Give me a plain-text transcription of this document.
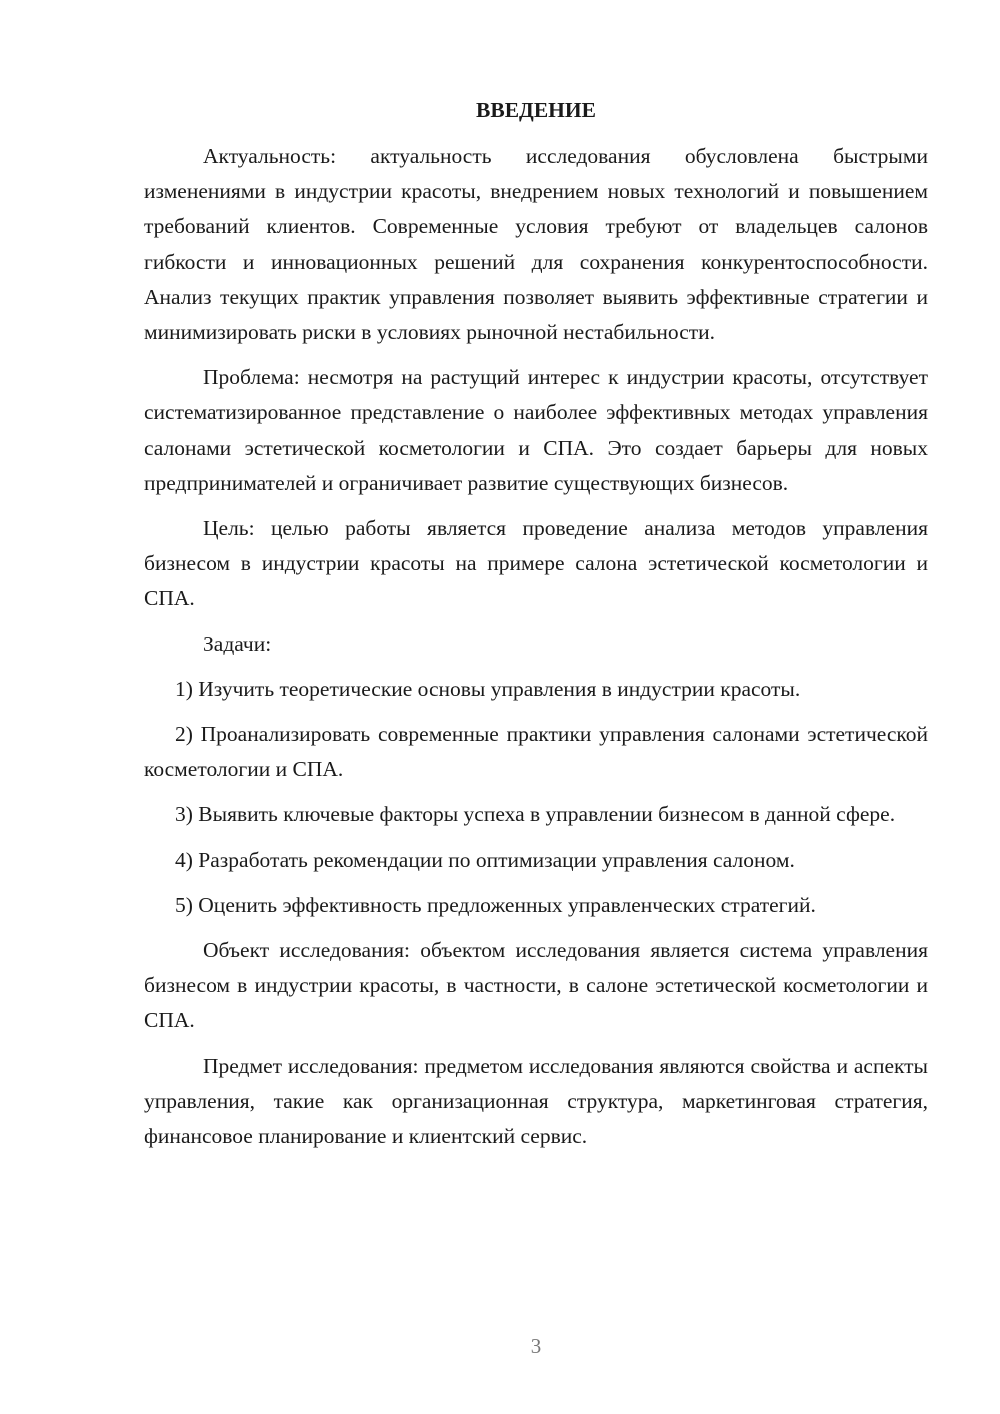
ВВЕДЕНИЕ

Актуальность: актуальность исследования обусловлена быстрыми изменениями в индустрии красоты, внедрением новых технологий и повышением требований клиентов. Современные условия требуют от владельцев салонов гибкости и инновационных решений для сохранения конкурентоспособности. Анализ текущих практик управления позволяет выявить эффективные стратегии и минимизировать риски в условиях рыночной нестабильности.

Проблема: несмотря на растущий интерес к индустрии красоты, отсутствует систематизированное представление о наиболее эффективных методах управления салонами эстетической косметологии и СПА. Это создает барьеры для новых предпринимателей и ограничивает развитие существующих бизнесов.

Цель: целью работы является проведение анализа методов управления бизнесом в индустрии красоты на примере салона эстетической косметологии и СПА.

Задачи:

1) Изучить теоретические основы управления в индустрии красоты.

2) Проанализировать современные практики управления салонами эстетической косметологии и СПА.

3) Выявить ключевые факторы успеха в управлении бизнесом в данной сфере.

4) Разработать рекомендации по оптимизации управления салоном.

5) Оценить эффективность предложенных управленческих стратегий.

Объект исследования: объектом исследования является система управления бизнесом в индустрии красоты, в частности, в салоне эстетической косметологии и СПА.

Предмет исследования: предметом исследования являются свойства и аспекты управления, такие как организационная структура, маркетинговая стратегия, финансовое планирование и клиентский сервис.

3
